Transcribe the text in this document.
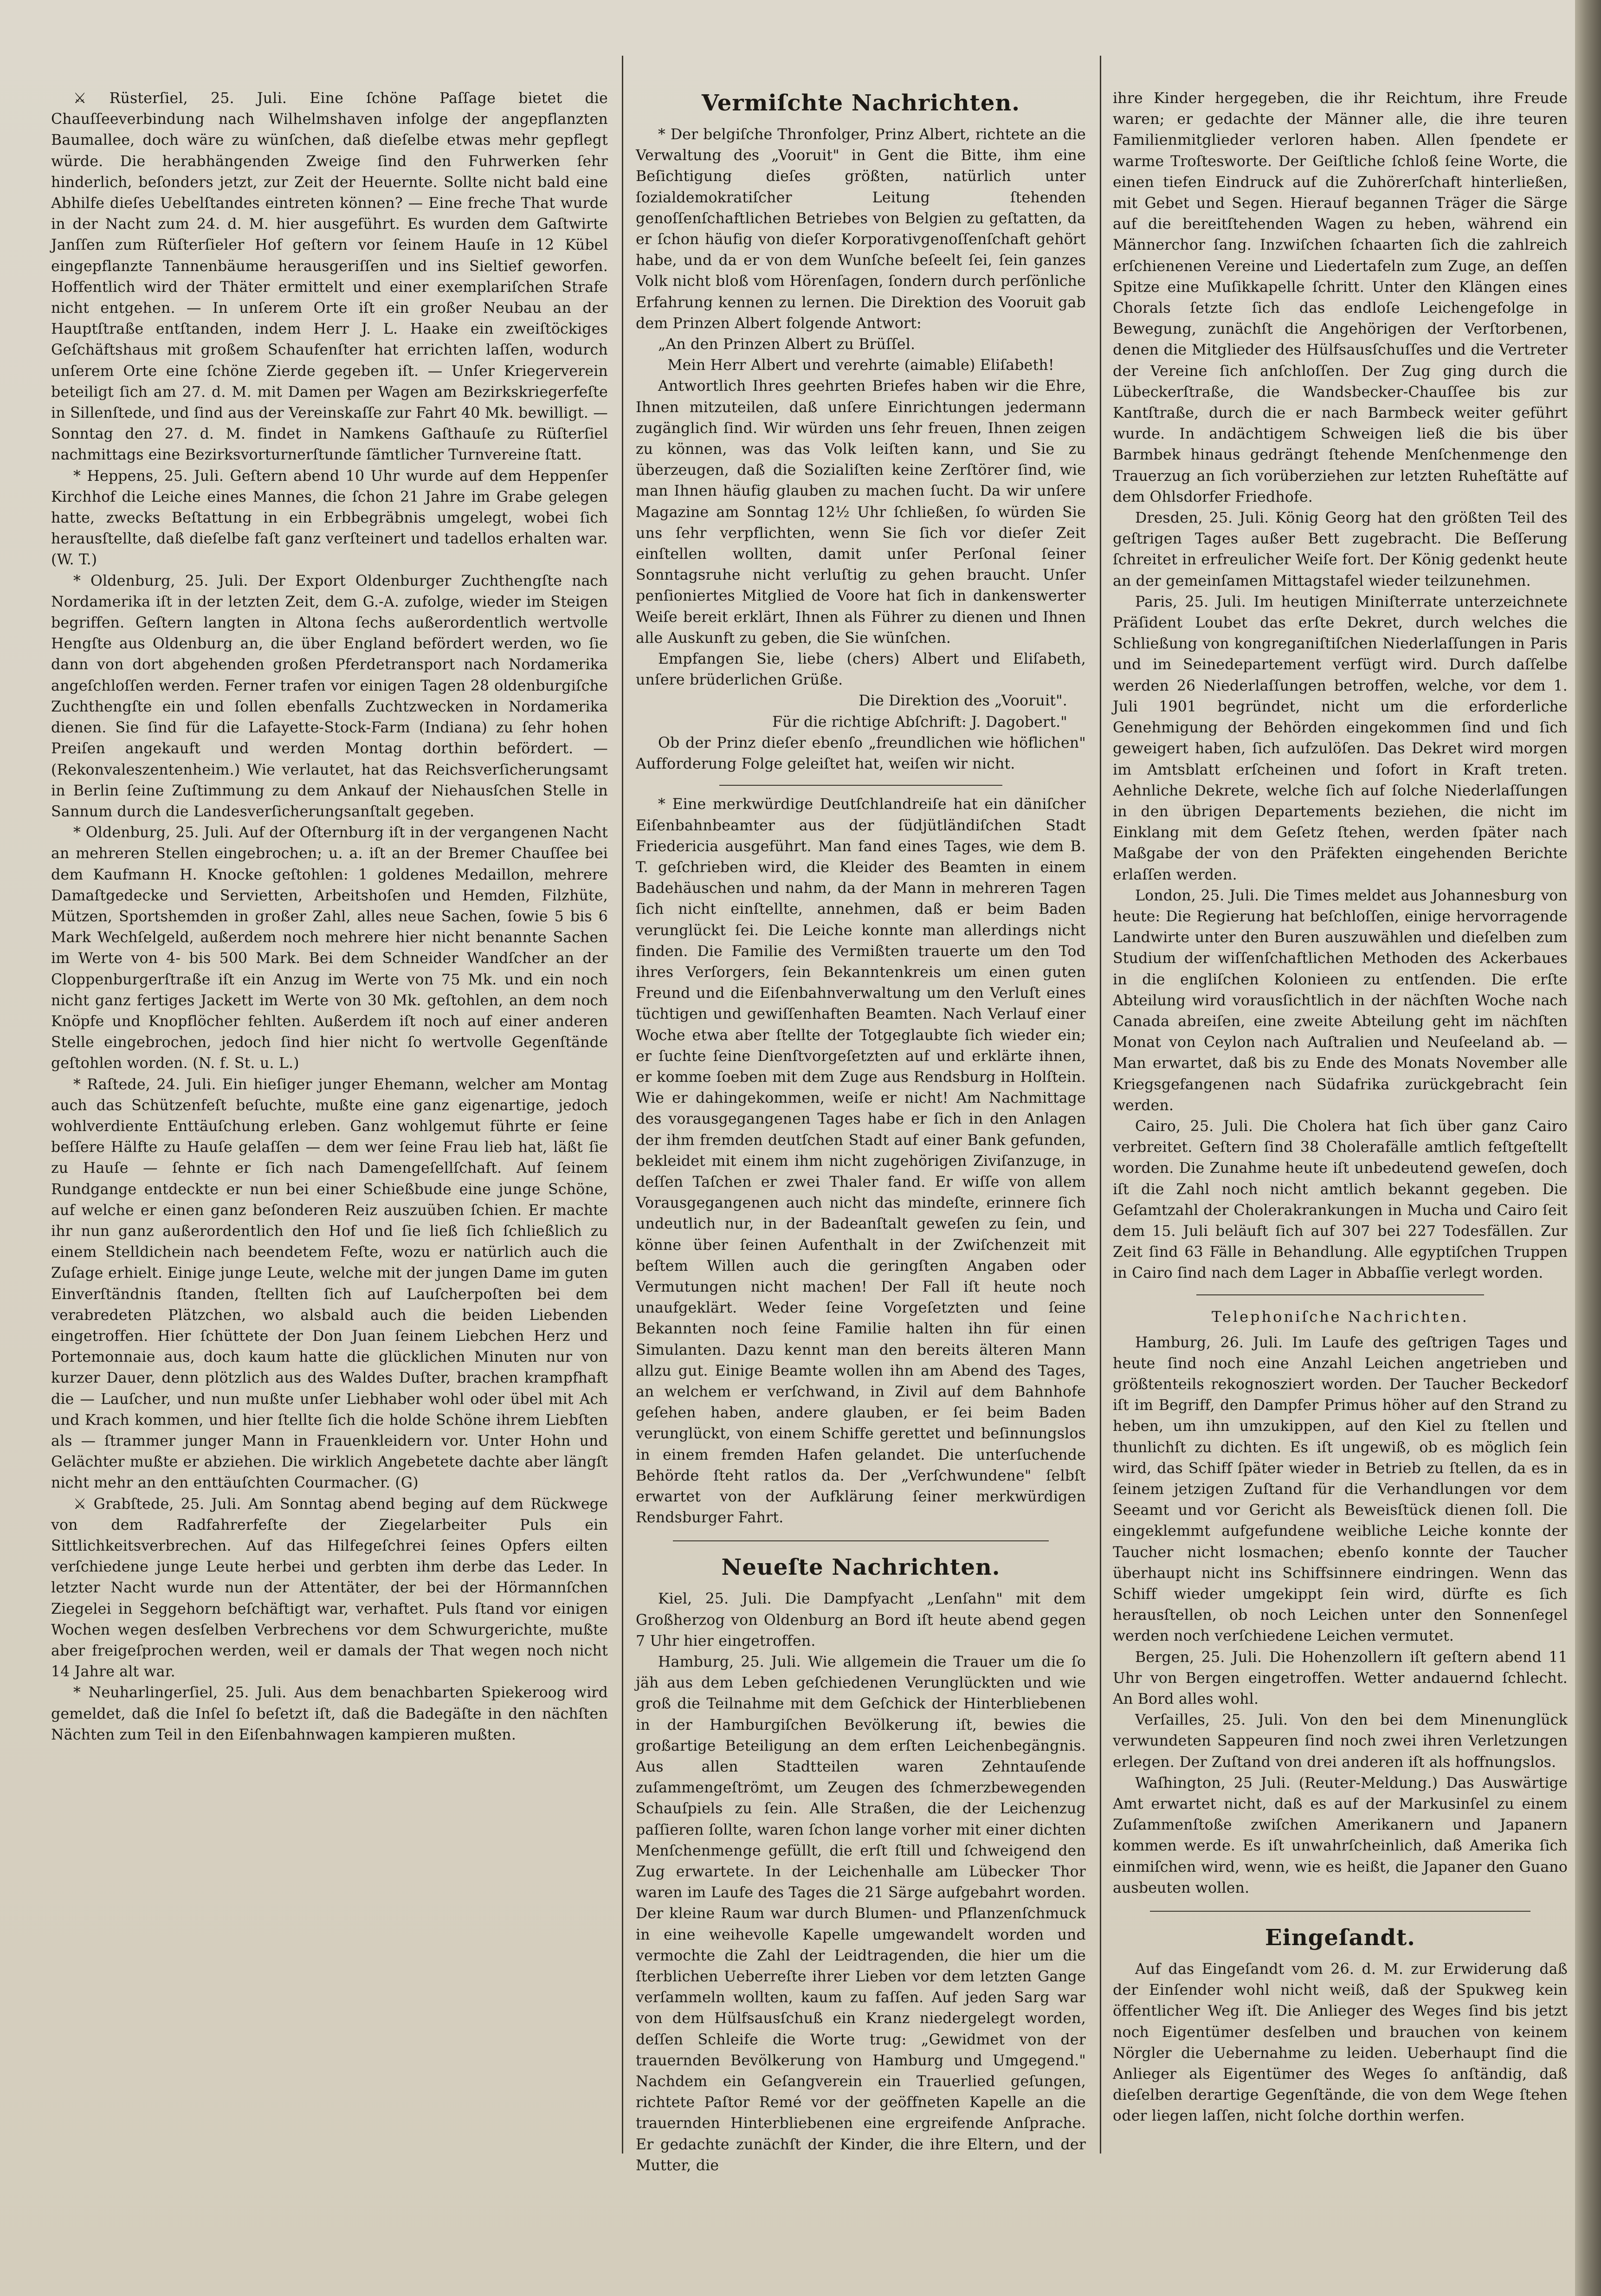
⚔ Rüsterſiel, 25. Juli. Eine ſchöne Paſſage bietet die Chauſſeeverbindung nach Wilhelmshaven infolge der angepflanzten Baumallee, doch wäre zu wünſchen, daß dieſelbe etwas mehr gepflegt würde. Die herabhängenden Zweige ſind den Fuhrwerken ſehr hinderlich, beſonders jetzt, zur Zeit der Heuernte. Sollte nicht bald eine Abhilfe dieſes Uebelſtandes eintreten können? — Eine freche That wurde in der Nacht zum 24. d. M. hier ausgeführt. Es wurden dem Gaſtwirte Janſſen zum Rüſterſieler Hof geſtern vor ſeinem Hauſe in 12 Kübel eingepflanzte Tannenbäume herausgeriſſen und ins Sieltief geworfen. Hoffentlich wird der Thäter ermittelt und einer exemplariſchen Strafe nicht entgehen. — In unſerem Orte iſt ein großer Neubau an der Hauptſtraße entſtanden, indem Herr J. L. Haake ein zweiſtöckiges Geſchäftshaus mit großem Schaufenſter hat errichten laſſen, wodurch unſerem Orte eine ſchöne Zierde gegeben iſt. — Unſer Kriegerverein beteiligt ſich am 27. d. M. mit Damen per Wagen am Bezirkskriegerfeſte in Sillenſtede, und ſind aus der Vereinskaſſe zur Fahrt 40 Mk. bewilligt. — Sonntag den 27. d. M. findet in Namkens Gaſthauſe zu Rüſterſiel nachmittags eine Bezirksvorturnerſtunde ſämtlicher Turnvereine ſtatt.

* Heppens, 25. Juli. Geſtern abend 10 Uhr wurde auf dem Heppenſer Kirchhof die Leiche eines Mannes, die ſchon 21 Jahre im Grabe gelegen hatte, zwecks Beſtattung in ein Erbbegräbnis umgelegt, wobei ſich herausſtellte, daß dieſelbe faſt ganz verſteinert und tadellos erhalten war. (W. T.)

* Oldenburg, 25. Juli. Der Export Oldenburger Zuchthengſte nach Nordamerika iſt in der letzten Zeit, dem G.-A. zufolge, wieder im Steigen begriffen. Geſtern langten in Altona ſechs außerordentlich wertvolle Hengſte aus Oldenburg an, die über England befördert werden, wo ſie dann von dort abgehenden großen Pferdetransport nach Nordamerika angeſchloſſen werden. Ferner trafen vor einigen Tagen 28 oldenburgiſche Zuchthengſte ein und ſollen ebenfalls Zuchtzwecken in Nordamerika dienen. Sie ſind für die Lafayette-Stock-Farm (Indiana) zu ſehr hohen Preiſen angekauft und werden Montag dorthin befördert. — (Rekonvaleszentenheim.) Wie verlautet, hat das Reichsverſicherungsamt in Berlin ſeine Zuſtimmung zu dem Ankauf der Niehausſchen Stelle in Sannum durch die Landesverſicherungsanſtalt gegeben.

* Oldenburg, 25. Juli. Auf der Oſternburg iſt in der vergangenen Nacht an mehreren Stellen eingebrochen; u. a. iſt an der Bremer Chauſſee bei dem Kaufmann H. Knocke geſtohlen: 1 goldenes Medaillon, mehrere Damaſtgedecke und Servietten, Arbeitshoſen und Hemden, Filzhüte, Mützen, Sportshemden in großer Zahl, alles neue Sachen, ſowie 5 bis 6 Mark Wechſelgeld, außerdem noch mehrere hier nicht benannte Sachen im Werte von 4- bis 500 Mark. Bei dem Schneider Wandſcher an der Cloppenburgerſtraße iſt ein Anzug im Werte von 75 Mk. und ein noch nicht ganz fertiges Jackett im Werte von 30 Mk. geſtohlen, an dem noch Knöpfe und Knopflöcher fehlten. Außerdem iſt noch auf einer anderen Stelle eingebrochen, jedoch ſind hier nicht ſo wertvolle Gegenſtände geſtohlen worden. (N. f. St. u. L.)

* Raſtede, 24. Juli. Ein hieſiger junger Ehemann, welcher am Montag auch das Schützenfeſt beſuchte, mußte eine ganz eigenartige, jedoch wohlverdiente Enttäuſchung erleben. Ganz wohlgemut führte er ſeine beſſere Hälfte zu Hauſe gelaſſen — dem wer ſeine Frau lieb hat, läßt ſie zu Hauſe — ſehnte er ſich nach Damengeſellſchaft. Auf ſeinem Rundgange entdeckte er nun bei einer Schießbude eine junge Schöne, auf welche er einen ganz beſonderen Reiz auszuüben ſchien. Er machte ihr nun ganz außerordentlich den Hof und ſie ließ ſich ſchließlich zu einem Stelldichein nach beendetem Feſte, wozu er natürlich auch die Zuſage erhielt. Einige junge Leute, welche mit der jungen Dame im guten Einverſtändnis ſtanden, ſtellten ſich auf Lauſcherpoſten bei dem verabredeten Plätzchen, wo alsbald auch die beiden Liebenden eingetroffen. Hier ſchüttete der Don Juan ſeinem Liebchen Herz und Portemonnaie aus, doch kaum hatte die glücklichen Minuten nur von kurzer Dauer, denn plötzlich aus des Waldes Duſter, brachen krampfhaft die — Lauſcher, und nun mußte unſer Liebhaber wohl oder übel mit Ach und Krach kommen, und hier ſtellte ſich die holde Schöne ihrem Liebſten als — ſtrammer junger Mann in Frauenkleidern vor. Unter Hohn und Gelächter mußte er abziehen. Die wirklich Angebetete dachte aber längſt nicht mehr an den enttäuſchten Courmacher. (G)

⚔ Grabſtede, 25. Juli. Am Sonntag abend beging auf dem Rückwege von dem Radfahrerfeſte der Ziegelarbeiter Puls ein Sittlichkeitsverbrechen. Auf das Hilfegeſchrei ſeines Opfers eilten verſchiedene junge Leute herbei und gerbten ihm derbe das Leder. In letzter Nacht wurde nun der Attentäter, der bei der Hörmannſchen Ziegelei in Seggehorn beſchäftigt war, verhaftet. Puls ſtand vor einigen Wochen wegen desſelben Verbrechens vor dem Schwurgerichte, mußte aber freigeſprochen werden, weil er damals der That wegen noch nicht 14 Jahre alt war.

* Neuharlingerſiel, 25. Juli. Aus dem benachbarten Spiekeroog wird gemeldet, daß die Inſel ſo beſetzt iſt, daß die Badegäſte in den nächſten Nächten zum Teil in den Eiſenbahnwagen kampieren mußten.

Vermiſchte Nachrichten.

* Der belgiſche Thronfolger, Prinz Albert, richtete an die Verwaltung des „Vooruit" in Gent die Bitte, ihm eine Beſichtigung dieſes größten, natürlich unter ſozialdemokratiſcher Leitung ſtehenden genoſſenſchaftlichen Betriebes von Belgien zu geſtatten, da er ſchon häufig von dieſer Korporativgenoſſenſchaft gehört habe, und da er von dem Wunſche beſeelt ſei, ſein ganzes Volk nicht bloß vom Hörenſagen, ſondern durch perſönliche Erfahrung kennen zu lernen. Die Direktion des Vooruit gab dem Prinzen Albert folgende Antwort:

„An den Prinzen Albert zu Brüſſel.

Mein Herr Albert und verehrte (aimable) Eliſabeth!

Antwortlich Ihres geehrten Briefes haben wir die Ehre, Ihnen mitzuteilen, daß unſere Einrichtungen jedermann zugänglich ſind. Wir würden uns ſehr freuen, Ihnen zeigen zu können, was das Volk leiſten kann, und Sie zu überzeugen, daß die Sozialiſten keine Zerſtörer ſind, wie man Ihnen häufig glauben zu machen ſucht. Da wir unſere Magazine am Sonntag 12½ Uhr ſchließen, ſo würden Sie uns ſehr verpflichten, wenn Sie ſich vor dieſer Zeit einſtellen wollten, damit unſer Perſonal ſeiner Sonntagsruhe nicht verluſtig zu gehen braucht. Unſer penſioniertes Mitglied de Voore hat ſich in dankenswerter Weiſe bereit erklärt, Ihnen als Führer zu dienen und Ihnen alle Auskunft zu geben, die Sie wünſchen.

Empfangen Sie, liebe (chers) Albert und Eliſabeth, unſere brüderlichen Grüße.

Die Direktion des „Vooruit".

Für die richtige Abſchrift: J. Dagobert."

Ob der Prinz dieſer ebenſo „freundlichen wie höflichen" Aufforderung Folge geleiſtet hat, weiſen wir nicht.

* Eine merkwürdige Deutſchlandreiſe hat ein däniſcher Eiſenbahnbeamter aus der ſüdjütländiſchen Stadt Friedericia ausgeführt. Man fand eines Tages, wie dem B. T. geſchrieben wird, die Kleider des Beamten in einem Badehäuschen und nahm, da der Mann in mehreren Tagen ſich nicht einſtellte, annehmen, daß er beim Baden verunglückt ſei. Die Leiche konnte man allerdings nicht finden. Die Familie des Vermißten trauerte um den Tod ihres Verſorgers, ſein Bekanntenkreis um einen guten Freund und die Eiſenbahnverwaltung um den Verluſt eines tüchtigen und gewiſſenhaften Beamten. Nach Verlauf einer Woche etwa aber ſtellte der Totgeglaubte ſich wieder ein; er ſuchte ſeine Dienſtvorgeſetzten auf und erklärte ihnen, er komme ſoeben mit dem Zuge aus Rendsburg in Holſtein. Wie er dahingekommen, weiſe er nicht! Am Nachmittage des vorausgegangenen Tages habe er ſich in den Anlagen der ihm fremden deutſchen Stadt auf einer Bank gefunden, bekleidet mit einem ihm nicht zugehörigen Ziviſanzuge, in deſſen Taſchen er zwei Thaler fand. Er wiſſe von allem Vorausgegangenen auch nicht das mindeſte, erinnere ſich undeutlich nur, in der Badeanſtalt geweſen zu ſein, und könne über ſeinen Aufenthalt in der Zwiſchenzeit mit beſtem Willen auch die geringſten Angaben oder Vermutungen nicht machen! Der Fall iſt heute noch unaufgeklärt. Weder ſeine Vorgeſetzten und ſeine Bekannten noch ſeine Familie halten ihn für einen Simulanten. Dazu kennt man den bereits älteren Mann allzu gut. Einige Beamte wollen ihn am Abend des Tages, an welchem er verſchwand, in Zivil auf dem Bahnhofe geſehen haben, andere glauben, er ſei beim Baden verunglückt, von einem Schiffe gerettet und beſinnungslos in einem fremden Hafen gelandet. Die unterſuchende Behörde ſteht ratlos da. Der „Verſchwundene" ſelbſt erwartet von der Aufklärung ſeiner merkwürdigen Rendsburger Fahrt.

Neueſte Nachrichten.

Kiel, 25. Juli. Die Dampfyacht „Lenſahn" mit dem Großherzog von Oldenburg an Bord iſt heute abend gegen 7 Uhr hier eingetroffen.

Hamburg, 25. Juli. Wie allgemein die Trauer um die ſo jäh aus dem Leben geſchiedenen Verunglückten und wie groß die Teilnahme mit dem Geſchick der Hinterbliebenen in der Hamburgiſchen Bevölkerung iſt, bewies die großartige Beteiligung an dem erſten Leichenbegängnis. Aus allen Stadtteilen waren Zehntauſende zuſammengeſtrömt, um Zeugen des ſchmerzbewegenden Schauſpiels zu ſein. Alle Straßen, die der Leichenzug paſſieren ſollte, waren ſchon lange vorher mit einer dichten Menſchenmenge gefüllt, die erſt ſtill und ſchweigend den Zug erwartete. In der Leichenhalle am Lübecker Thor waren im Laufe des Tages die 21 Särge aufgebahrt worden. Der kleine Raum war durch Blumen- und Pflanzenſchmuck in eine weihevolle Kapelle umgewandelt worden und vermochte die Zahl der Leidtragenden, die hier um die ſterblichen Ueberreſte ihrer Lieben vor dem letzten Gange verſammeln wollten, kaum zu faſſen. Auf jeden Sarg war von dem Hülfsausſchuß ein Kranz niedergelegt worden, deſſen Schleife die Worte trug: „Gewidmet von der trauernden Bevölkerung von Hamburg und Umgegend." Nachdem ein Geſangverein ein Trauerlied geſungen, richtete Paſtor Remé vor der geöffneten Kapelle an die trauernden Hinterbliebenen eine ergreifende Anſprache. Er gedachte zunächſt der Kinder, die ihre Eltern, und der Mutter, die

ihre Kinder hergegeben, die ihr Reichtum, ihre Freude waren; er gedachte der Männer alle, die ihre teuren Familienmitglieder verloren haben. Allen ſpendete er warme Troſtesworte. Der Geiſtliche ſchloß ſeine Worte, die einen tiefen Eindruck auf die Zuhörerſchaft hinterließen, mit Gebet und Segen. Hierauf begannen Träger die Särge auf die bereitſtehenden Wagen zu heben, während ein Männerchor ſang. Inzwiſchen ſchaarten ſich die zahlreich erſchienenen Vereine und Liedertafeln zum Zuge, an deſſen Spitze eine Muſikkapelle ſchritt. Unter den Klängen eines Chorals ſetzte ſich das endloſe Leichengefolge in Bewegung, zunächſt die Angehörigen der Verſtorbenen, denen die Mitglieder des Hülfsausſchuſſes und die Vertreter der Vereine ſich anſchloſſen. Der Zug ging durch die Lübeckerſtraße, die Wandsbecker-Chauſſee bis zur Kantſtraße, durch die er nach Barmbeck weiter geführt wurde. In andächtigem Schweigen ließ die bis über Barmbek hinaus gedrängt ſtehende Menſchenmenge den Trauerzug an ſich vorüberziehen zur letzten Ruheſtätte auf dem Ohlsdorfer Friedhofe.

Dresden, 25. Juli. König Georg hat den größten Teil des geſtrigen Tages außer Bett zugebracht. Die Beſſerung ſchreitet in erfreulicher Weiſe fort. Der König gedenkt heute an der gemeinſamen Mittagstafel wieder teilzunehmen.

Paris, 25. Juli. Im heutigen Miniſterrate unterzeichnete Präſident Loubet das erſte Dekret, durch welches die Schließung von kongreganiſtiſchen Niederlaſſungen in Paris und im Seinedepartement verfügt wird. Durch daſſelbe werden 26 Niederlaſſungen betroffen, welche, vor dem 1. Juli 1901 begründet, nicht um die erforderliche Genehmigung der Behörden eingekommen ſind und ſich geweigert haben, ſich aufzulöſen. Das Dekret wird morgen im Amtsblatt erſcheinen und ſofort in Kraft treten. Aehnliche Dekrete, welche ſich auf ſolche Niederlaſſungen in den übrigen Departements beziehen, die nicht im Einklang mit dem Geſetz ſtehen, werden ſpäter nach Maßgabe der von den Präfekten eingehenden Berichte erlaſſen werden.

London, 25. Juli. Die Times meldet aus Johannesburg von heute: Die Regierung hat beſchloſſen, einige hervorragende Landwirte unter den Buren auszuwählen und dieſelben zum Studium der wiſſenſchaftlichen Methoden des Ackerbaues in die engliſchen Kolonieen zu entſenden. Die erſte Abteilung wird vorausſichtlich in der nächſten Woche nach Canada abreiſen, eine zweite Abteilung geht im nächſten Monat von Ceylon nach Auſtralien und Neuſeeland ab. — Man erwartet, daß bis zu Ende des Monats November alle Kriegsgefangenen nach Südafrika zurückgebracht ſein werden.

Cairo, 25. Juli. Die Cholera hat ſich über ganz Cairo verbreitet. Geſtern ſind 38 Cholerafälle amtlich feſtgeſtellt worden. Die Zunahme heute iſt unbedeutend geweſen, doch iſt die Zahl noch nicht amtlich bekannt gegeben. Die Geſamtzahl der Cholerakrankungen in Mucha und Cairo ſeit dem 15. Juli beläuft ſich auf 307 bei 227 Todesfällen. Zur Zeit ſind 63 Fälle in Behandlung. Alle egyptiſchen Truppen in Cairo ſind nach dem Lager in Abbaſſie verlegt worden.

Telephoniſche Nachrichten.

Hamburg, 26. Juli. Im Laufe des geſtrigen Tages und heute ſind noch eine Anzahl Leichen angetrieben und größtenteils rekognosziert worden. Der Taucher Beckedorf iſt im Begriff, den Dampfer Primus höher auf den Strand zu heben, um ihn umzukippen, auf den Kiel zu ſtellen und thunlichſt zu dichten. Es iſt ungewiß, ob es möglich ſein wird, das Schiff ſpäter wieder in Betrieb zu ſtellen, da es in ſeinem jetzigen Zuſtand für die Verhandlungen vor dem Seeamt und vor Gericht als Beweisſtück dienen ſoll. Die eingeklemmt aufgefundene weibliche Leiche konnte der Taucher nicht losmachen; ebenſo konnte der Taucher überhaupt nicht ins Schiffsinnere eindringen. Wenn das Schiff wieder umgekippt ſein wird, dürfte es ſich herausſtellen, ob noch Leichen unter den Sonnenſegel werden noch verſchiedene Leichen vermutet.

Bergen, 25. Juli. Die Hohenzollern iſt geſtern abend 11 Uhr von Bergen eingetroffen. Wetter andauernd ſchlecht. An Bord alles wohl.

Verſailles, 25. Juli. Von den bei dem Minenunglück verwundeten Sappeuren ſind noch zwei ihren Verletzungen erlegen. Der Zuſtand von drei anderen iſt als hoffnungslos.

Waſhington, 25 Juli. (Reuter-Meldung.) Das Auswärtige Amt erwartet nicht, daß es auf der Markusinſel zu einem Zuſammenſtoße zwiſchen Amerikanern und Japanern kommen werde. Es iſt unwahrſcheinlich, daß Amerika ſich einmiſchen wird, wenn, wie es heißt, die Japaner den Guano ausbeuten wollen.

Eingeſandt.

Auf das Eingeſandt vom 26. d. M. zur Erwiderung daß der Einſender wohl nicht weiß, daß der Spukweg kein öffentlicher Weg iſt. Die Anlieger des Weges ſind bis jetzt noch Eigentümer desſelben und brauchen von keinem Nörgler die Uebernahme zu leiden. Ueberhaupt ſind die Anlieger als Eigentümer des Weges ſo anſtändig, daß dieſelben derartige Gegenſtände, die von dem Wege ſtehen oder liegen laſſen, nicht ſolche dorthin werfen.
